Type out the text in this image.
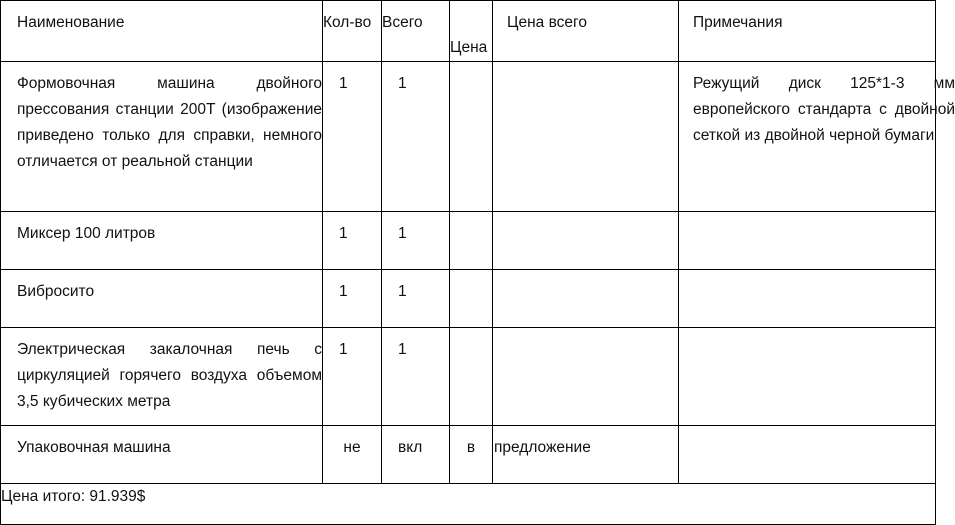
Наименование	Кол-во	Всего	Цена	Цена всего	Примечания

Формовочная машина двойного прессования станции 200T (изображение приведено только для справки, немного отличается от реальной станции	1	1			Режущий диск 125*1-3 мм европейского стандарта с двойной сеткой из двойной черной бумаги

Миксер 100 литров	1	1			

Вибросито	1	1			

Электрическая закалочная печь с циркуляцией горячего воздуха объемом 3,5 кубических метра	1	1			

Упаковочная машина	не	вкл	в	предложение	
Цена итого: 91.939$					
